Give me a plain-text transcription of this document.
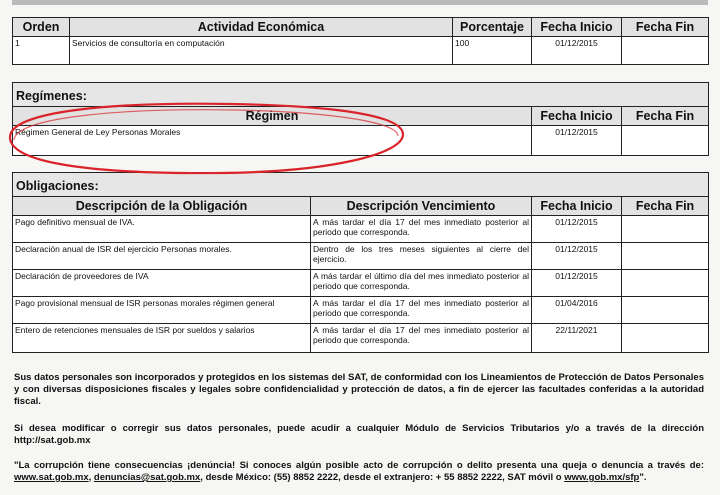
Orden	Actividad Económica	Porcentaje	Fecha Inicio	Fecha Fin
1	Servicios de consultoría en computación	100	01/12/2015	
Regímenes:		
Régimen	Fecha Inicio	Fecha Fin
Régimen General de Ley Personas Morales	01/12/2015	
Obligaciones:			
Descripción de la Obligación	Descripción Vencimiento	Fecha Inicio	Fecha Fin
Pago definitivo mensual de IVA.	A más tardar el día 17 del mes inmediato posterior al periodo que corresponda.	01/12/2015	
Declaración anual de ISR del ejercicio Personas morales.	Dentro de los tres meses siguientes al cierre del ejercicio.	01/12/2015	
Declaración de proveedores de IVA	A más tardar el último día del mes inmediato posterior al periodo que corresponda.	01/12/2015	
Pago provisional mensual de ISR personas morales régimen general	A más tardar el día 17 del mes inmediato posterior al periodo que corresponda.	01/04/2016	
Entero de retenciones mensuales de ISR por sueldos y salarios	A más tardar el día 17 del mes inmediato posterior al periodo que corresponda.	22/11/2021	

Sus datos personales son incorporados y protegidos en los sistemas del SAT, de conformidad con los Lineamientos de Protección de Datos Personales y con diversas disposiciones fiscales y legales sobre confidencialidad y protección de datos, a fin de ejercer las facultades conferidas a la autoridad fiscal.

Si desea modificar o corregir sus datos personales, puede acudir a cualquier Módulo de Servicios Tributarios y/o a través de la dirección http://sat.gob.mx

"La corrupción tiene consecuencias ¡denúncia! Si conoces algún posible acto de corrupción o delito presenta una queja o denuncia a través de: www.sat.gob.mx, denuncias@sat.gob.mx, desde México: (55) 8852 2222, desde el extranjero: + 55 8852 2222, SAT móvil o www.gob.mx/sfp".
